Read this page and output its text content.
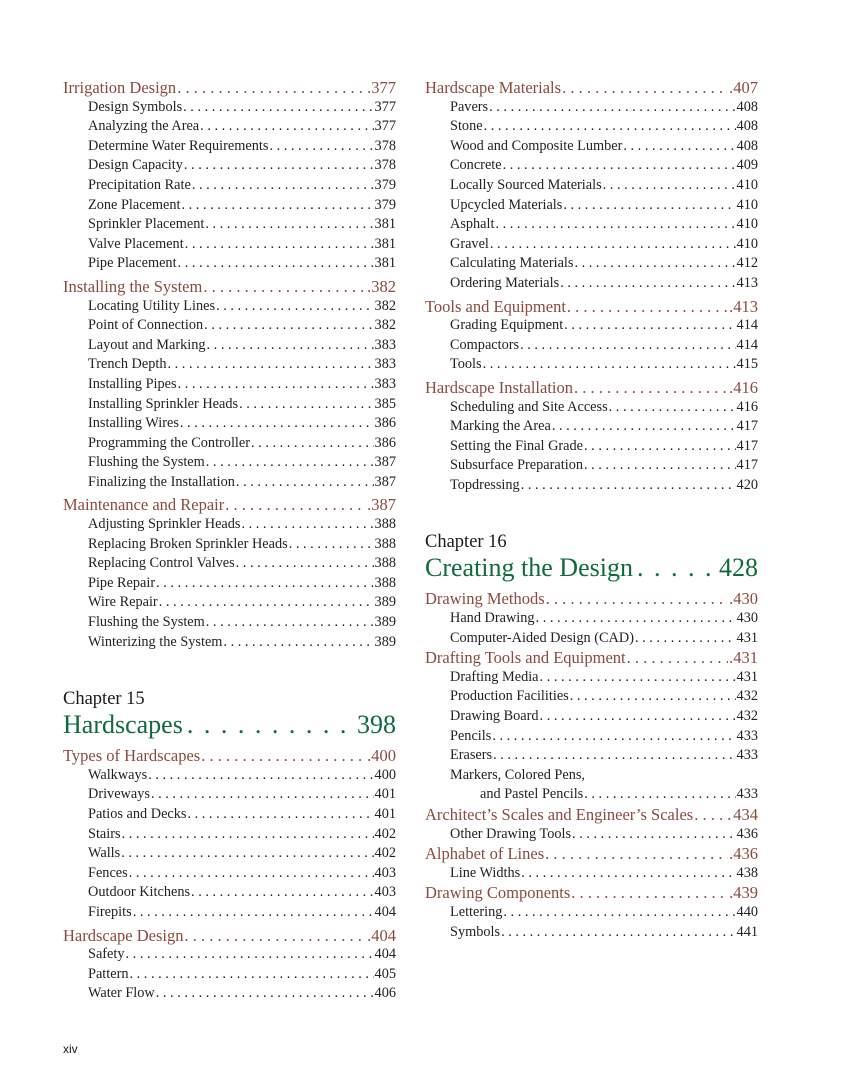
Irrigation Design . . .	.377
Design Symbols . . .	377
Analyzing the Area . . .	377
Determine Water Requirements . . .	378
Design Capacity . . .	378
Precipitation Rate . . .	379
Zone Placement . . .	379
Sprinkler Placement . . .	381
Valve Placement . . .	381
Pipe Placement . . .	381
Installing the System . . .	.382
Locating Utility Lines . . .	382
Point of Connection . . .	382
Layout and Marking . . .	383
Trench Depth . . .	383
Installing Pipes . . .	383
Installing Sprinkler Heads . . .	385
Installing Wires . . .	386
Programming the Controller . . .	386
Flushing the System . . .	387
Finalizing the Installation . . .	387
Maintenance and Repair . . .	.387
Adjusting Sprinkler Heads . . .	388
Replacing Broken Sprinkler Heads . . .	388
Replacing Control Valves . . .	388
Pipe Repair . . .	388
Wire Repair . . .	389
Flushing the System . . .	389
Winterizing the System . . .	389
Chapter 15
Hardscapes . . .	398
Types of Hardscapes . . .	.400
Walkways . . .	400
Driveways . . .	401
Patios and Decks . . .	401
Stairs . . .	402
Walls . . .	402
Fences . . .	403
Outdoor Kitchens . . .	403
Firepits . . .	404
Hardscape Design . . .	.404
Safety . . .	404
Pattern . . .	405
Water Flow . . .	406
Hardscape Materials . . .	.407
Pavers . . .	408
Stone . . .	408
Wood and Composite Lumber . . .	408
Concrete . . .	409
Locally Sourced Materials . . .	410
Upcycled Materials . . .	410
Asphalt . . .	410
Gravel . . .	410
Calculating Materials . . .	412
Ordering Materials . . .	413
Tools and Equipment . . .	.413
Grading Equipment . . .	414
Compactors . . .	414
Tools . . .	415
Hardscape Installation . . .	.416
Scheduling and Site Access . . .	416
Marking the Area . . .	417
Setting the Final Grade . . .	417
Subsurface Preparation . . .	417
Topdressing . . .	420
Chapter 16
Creating the Design . . .	428
Drawing Methods . . .	.430
Hand Drawing . . .	430
Computer-Aided Design (CAD) . . .	431
Drafting Tools and Equipment . . .	.431
Drafting Media . . .	431
Production Facilities . . .	432
Drawing Board . . .	432
Pencils . . .	433
Erasers . . .	433
Markers, Colored Pens,
and Pastel Pencils . . .	433
Architect’s Scales and Engineer’s Scales . . . 434
Other Drawing Tools . . .	436
Alphabet of Lines . . .	.436
Line Widths . . .	438
Drawing Components . . .	.439
Lettering . . .	440
Symbols . . .	441
xiv
